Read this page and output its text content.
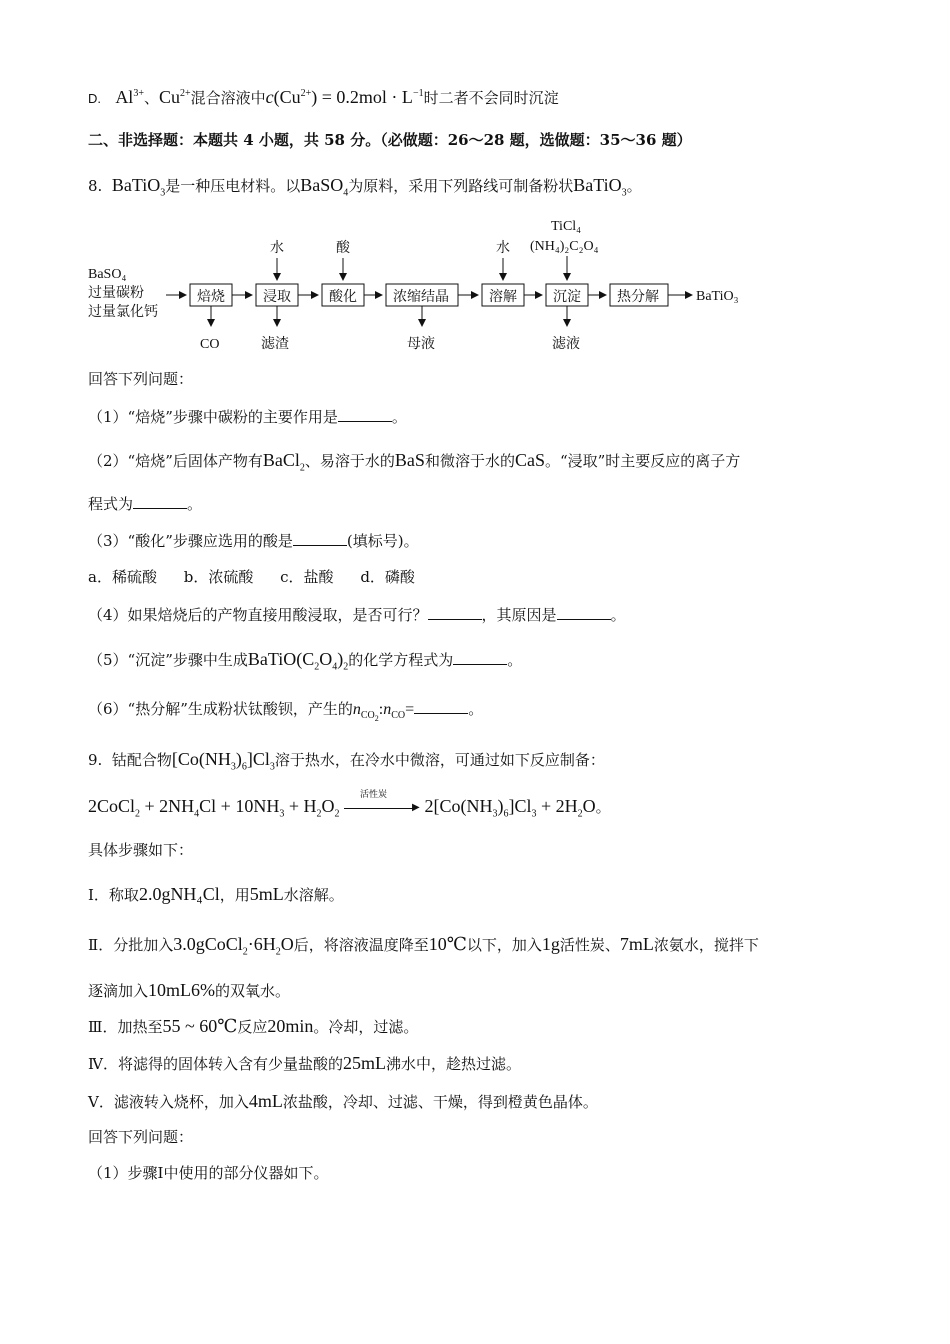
D. $Al^{3+}$、$Cu^{2+}$混合溶液中$c(Cu^{2+}) = 0.2mol \cdot L^{-1}$时二者不会同时沉淀
二、非选择题：本题共 4 小题，共 58 分。（必做题：26～28 题，选做题：35～36 题）
8. BaTiO$_3$是一种压电材料。以BaSO$_4$为原料，采用下列路线可制备粉状BaTiO$_3$。
BaSO₄
过量碳粉
过量氯化钙
焙烧	浸取	酸化	浓缩结晶	溶解	沉淀	热分解	BaTiO₃
水	酸	水
TiCl₄
(NH₄)₂C₂O₄
CO	滤渣	母液	滤液
回答下列问题：
（1）“焙烧”步骤中碳粉的主要作用是	。
（2）“焙烧”后固体产物有BaCl$_2$、易溶于水的BaS和微溶于水的CaS。“浸取”时主要反应的离子方
程式为	。
（3）“酸化”步骤应选用的酸是	(填标号)。
a．稀硫酸 b．浓硫酸 c．盐酸 d．磷酸
（4）如果焙烧后的产物直接用酸浸取，是否可行？	，其原因是	。
（5）“沉淀”步骤中生成$BaTiO(C_2O_4)_2$的化学方程式为	。
（6）“热分解”生成粉状钛酸钡，产生的$n_{CO_2}:n_{CO}=$	。
9. 钴配合物$[Co(NH_3)_6]Cl_3$溶于热水，在冷水中微溶，可通过如下反应制备：
2CoCl$_2$ + $2NH_4Cl + 10NH_3 + H_2O_2$
活性炭
▶ $2[Co(NH_3)_6]Cl_3 + 2H_2O$。
具体步骤如下：
Ⅰ．称取2.0gNH₄Cl，用5mL水溶解。
Ⅱ．分批加入$3.0gCoCl_2\cdot 6H_2O$后，将溶液温度降至10℃以下，加入1g活性炭、7mL浓氨水，搅拌下
逐滴加入10mL6%的双氧水。
Ⅲ．加热至55 ~ 60℃反应20min。冷却，过滤。
Ⅳ．将滤得的固体转入含有少量盐酸的25mL沸水中，趁热过滤。
Ⅴ．滤液转入烧杯，加入4mL浓盐酸，冷却、过滤、干燥，得到橙黄色晶体。
回答下列问题：
（1）步骤Ⅰ中使用的部分仪器如下。
